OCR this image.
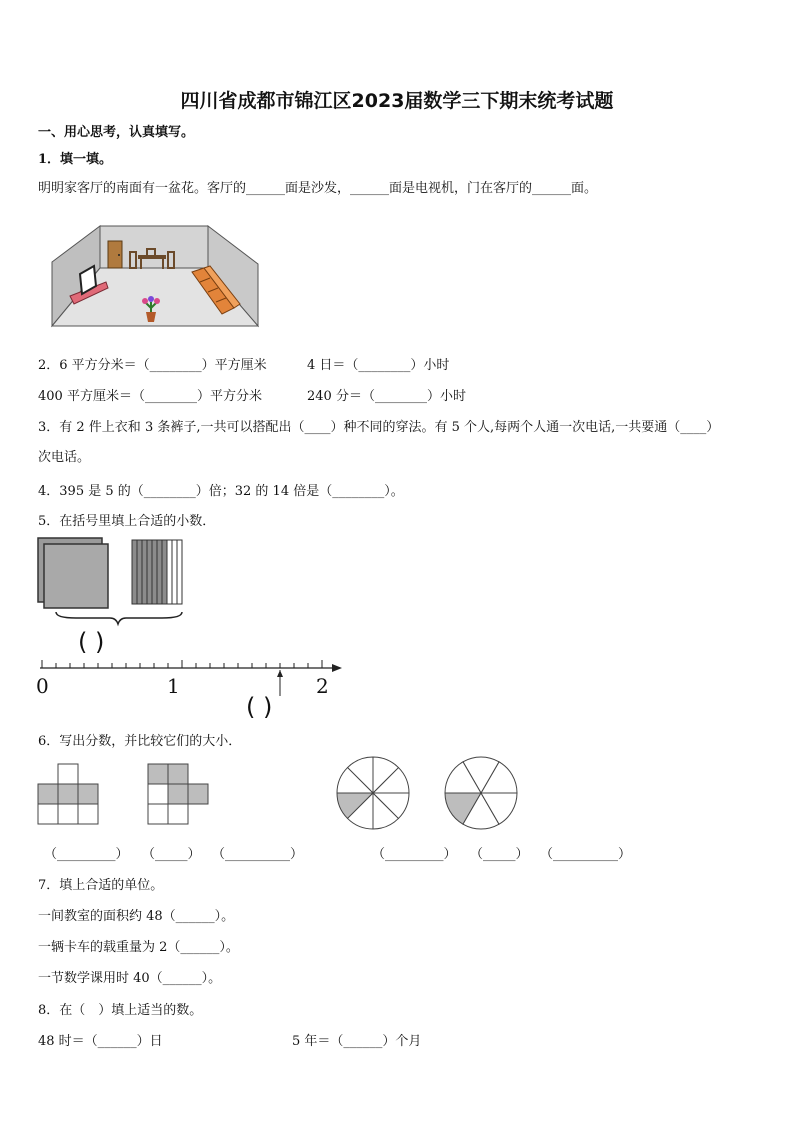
四川省成都市锦江区2023届数学三下期末统考试题
一、用心思考，认真填写。
1．填一填。
明明家客厅的南面有一盆花。客厅的______面是沙发，______面是电视机，门在客厅的______面。
2．6 平方分米＝（________）平方厘米	4 日＝（________）小时
400 平方厘米＝（________）平方分米	240 分＝（________）小时
3．有 2 件上衣和 3 条裤子,一共可以搭配出（____）种不同的穿法。有 5 个人,每两个人通一次电话,一共要通（____）
次电话。
4．395 是 5 的（________）倍；32 的 14 倍是（________）。
5．在括号里填上合适的小数．
( )
0	1	2
( )
6．写出分数，并比较它们的大小．
（_________） （_____） （__________）	（_________） （_____） （__________）
7．填上合适的单位。
一间教室的面积约 48（______）。
一辆卡车的载重量为 2（______）。
一节数学课用时 40（______）。
8．在（　）填上适当的数。
48 时＝（______）日	5 年＝（______）个月
